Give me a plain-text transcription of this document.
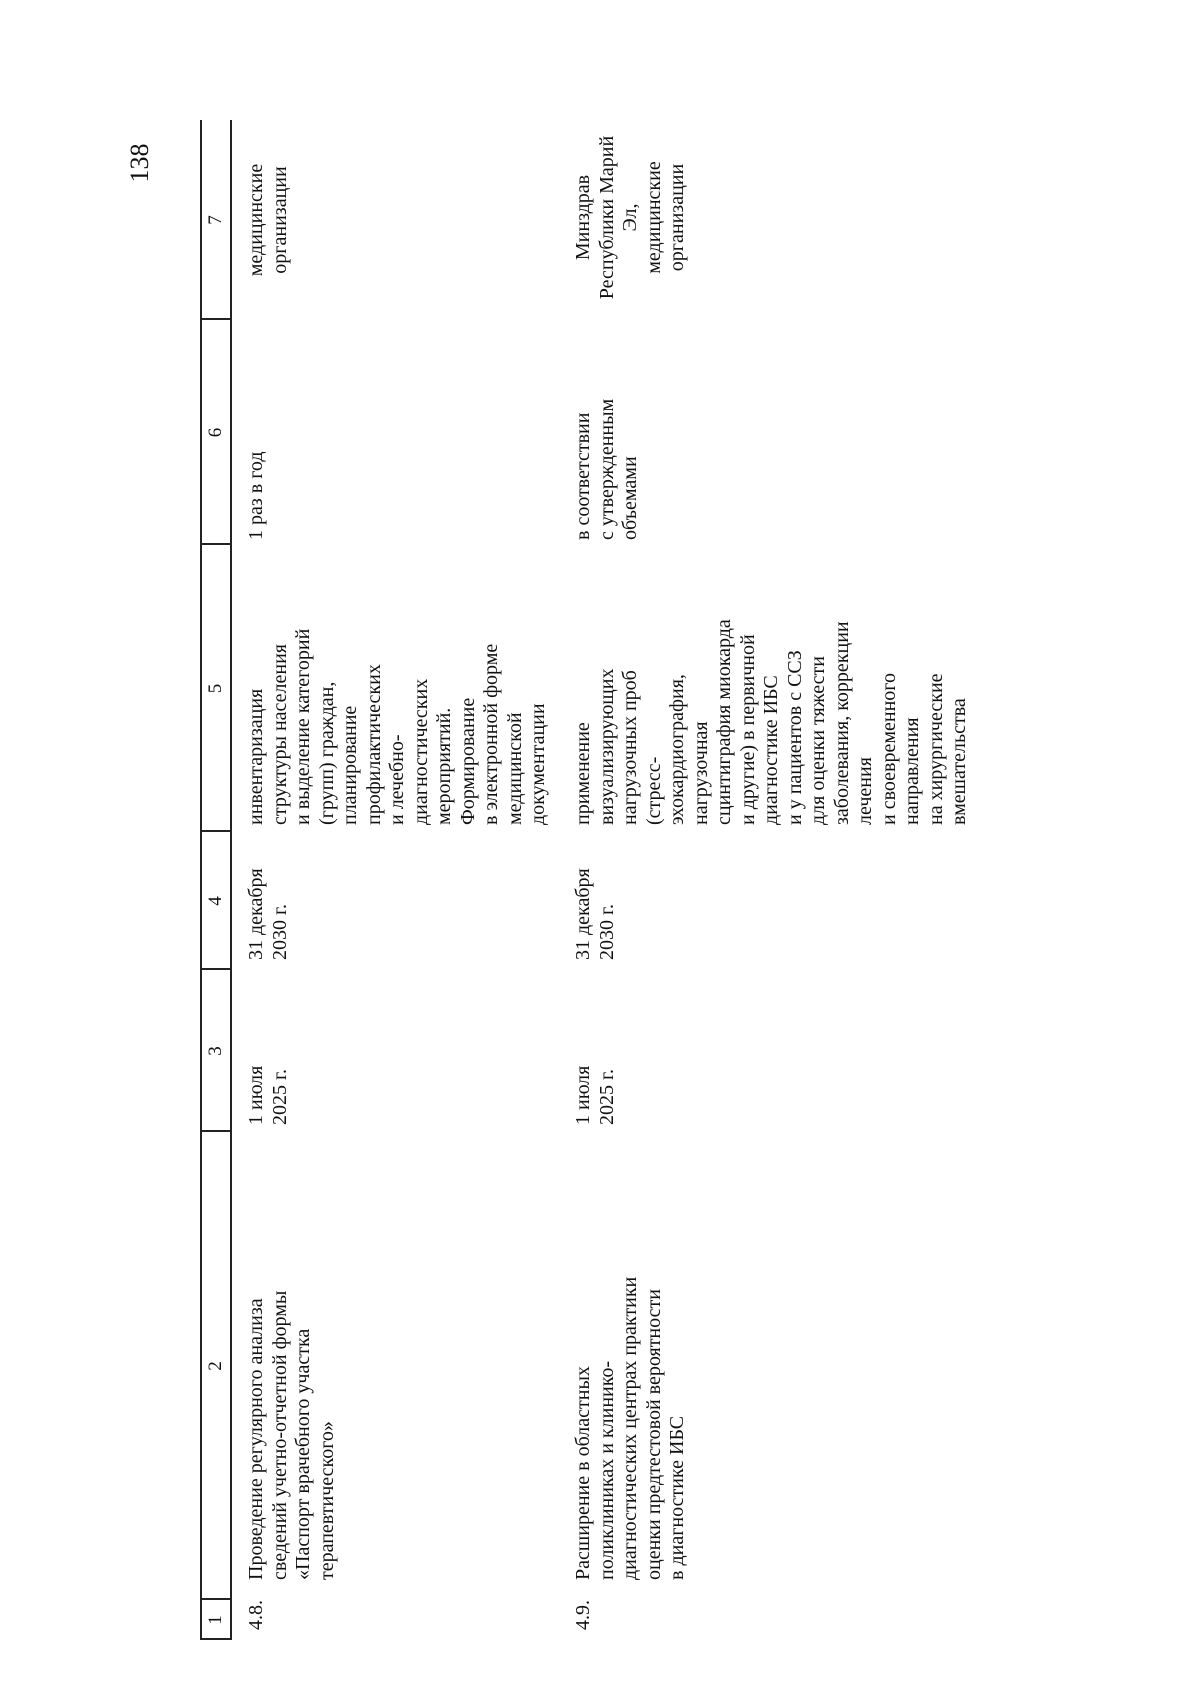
138
1
2
3
4
5
6
7
4.8.
Проведение регулярного анализа сведений учетно-отчетной формы «Паспорт врачебного участка терапевтического»
1 июля 2025 г.
31 декабря 2030 г.
инвентаризация структуры населения и выделение категорий (групп) граждан, планирование профилактических и лечебно- диагностических мероприятий. Формирование в электронной форме медицинской документации
1 раз в год
медицинские организации
4.9.
Расширение в областных поликлиниках и клинико- диагностических центрах практики оценки предтестовой вероятности в диагностике ИБС
1 июля 2025 г.
31 декабря 2030 г.
применение визуализирующих нагрузочных проб (стресс- эхокардиография, нагрузочная сцинтиграфия миокарда и другие) в первичной диагностике ИБС и у пациентов с ССЗ для оценки тяжести заболевания, коррекции лечения и своевременного направления на хирургические вмешательства
в соответствии с утвержденным объемами
Минздрав Республики Марий Эл, медицинские организации
